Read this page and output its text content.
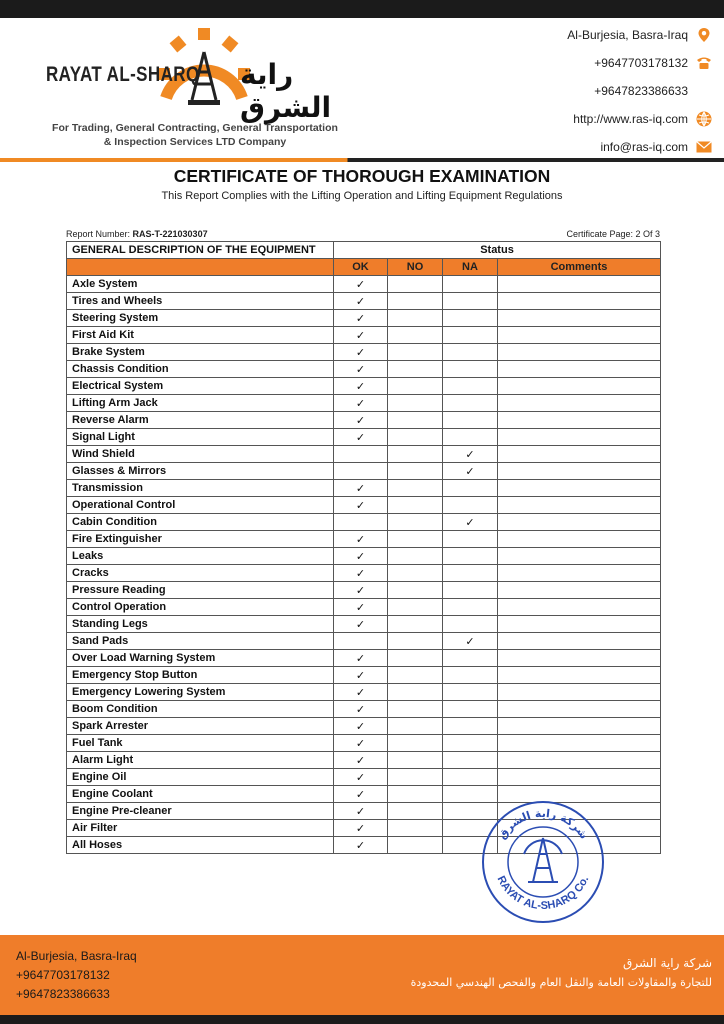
RAYAT AL-SHARQ راية الشرق
For Trading, General Contracting, General Transportation
& Inspection Services LTD Company
Al-Burjesia, Basra-Iraq
+9647703178132
+9647823386633
http://www.ras-iq.com
info@ras-iq.com
CERTIFICATE OF THOROUGH EXAMINATION
This Report Complies with the Lifting Operation and Lifting Equipment Regulations
Report Number: RAS-T-221030307	Certificate Page: 2 Of 3
GENERAL DESCRIPTION OF THE EQUIPMENT	Status			
	OK	NO	NA	Comments
Axle System	✓			
Tires and Wheels	✓			
Steering System	✓			
First Aid Kit	✓			
Brake System	✓			
Chassis Condition	✓			
Electrical System	✓			
Lifting Arm Jack	✓			
Reverse Alarm	✓			
Signal Light	✓			
Wind Shield			✓	
Glasses & Mirrors			✓	
Transmission	✓			
Operational Control	✓			
Cabin Condition			✓	
Fire Extinguisher	✓			
Leaks	✓			
Cracks	✓			
Pressure Reading	✓			
Control Operation	✓			
Standing Legs	✓			
Sand Pads			✓	
Over Load Warning System	✓			
Emergency Stop Button	✓			
Emergency Lowering System	✓			
Boom Condition	✓			
Spark Arrester	✓			
Fuel Tank	✓			
Alarm Light	✓			
Engine Oil	✓			
Engine Coolant	✓			
Engine Pre-cleaner	✓			
Air Filter	✓			
All Hoses	✓			
شركة راية الشرق
RAYAT AL-SHARQ Co.
Al-Burjesia, Basra-Iraq
+9647703178132
+9647823386633
شركة راية الشرق
للتجارة والمقاولات العامة والنقل العام والفحص الهندسي المحدودة
